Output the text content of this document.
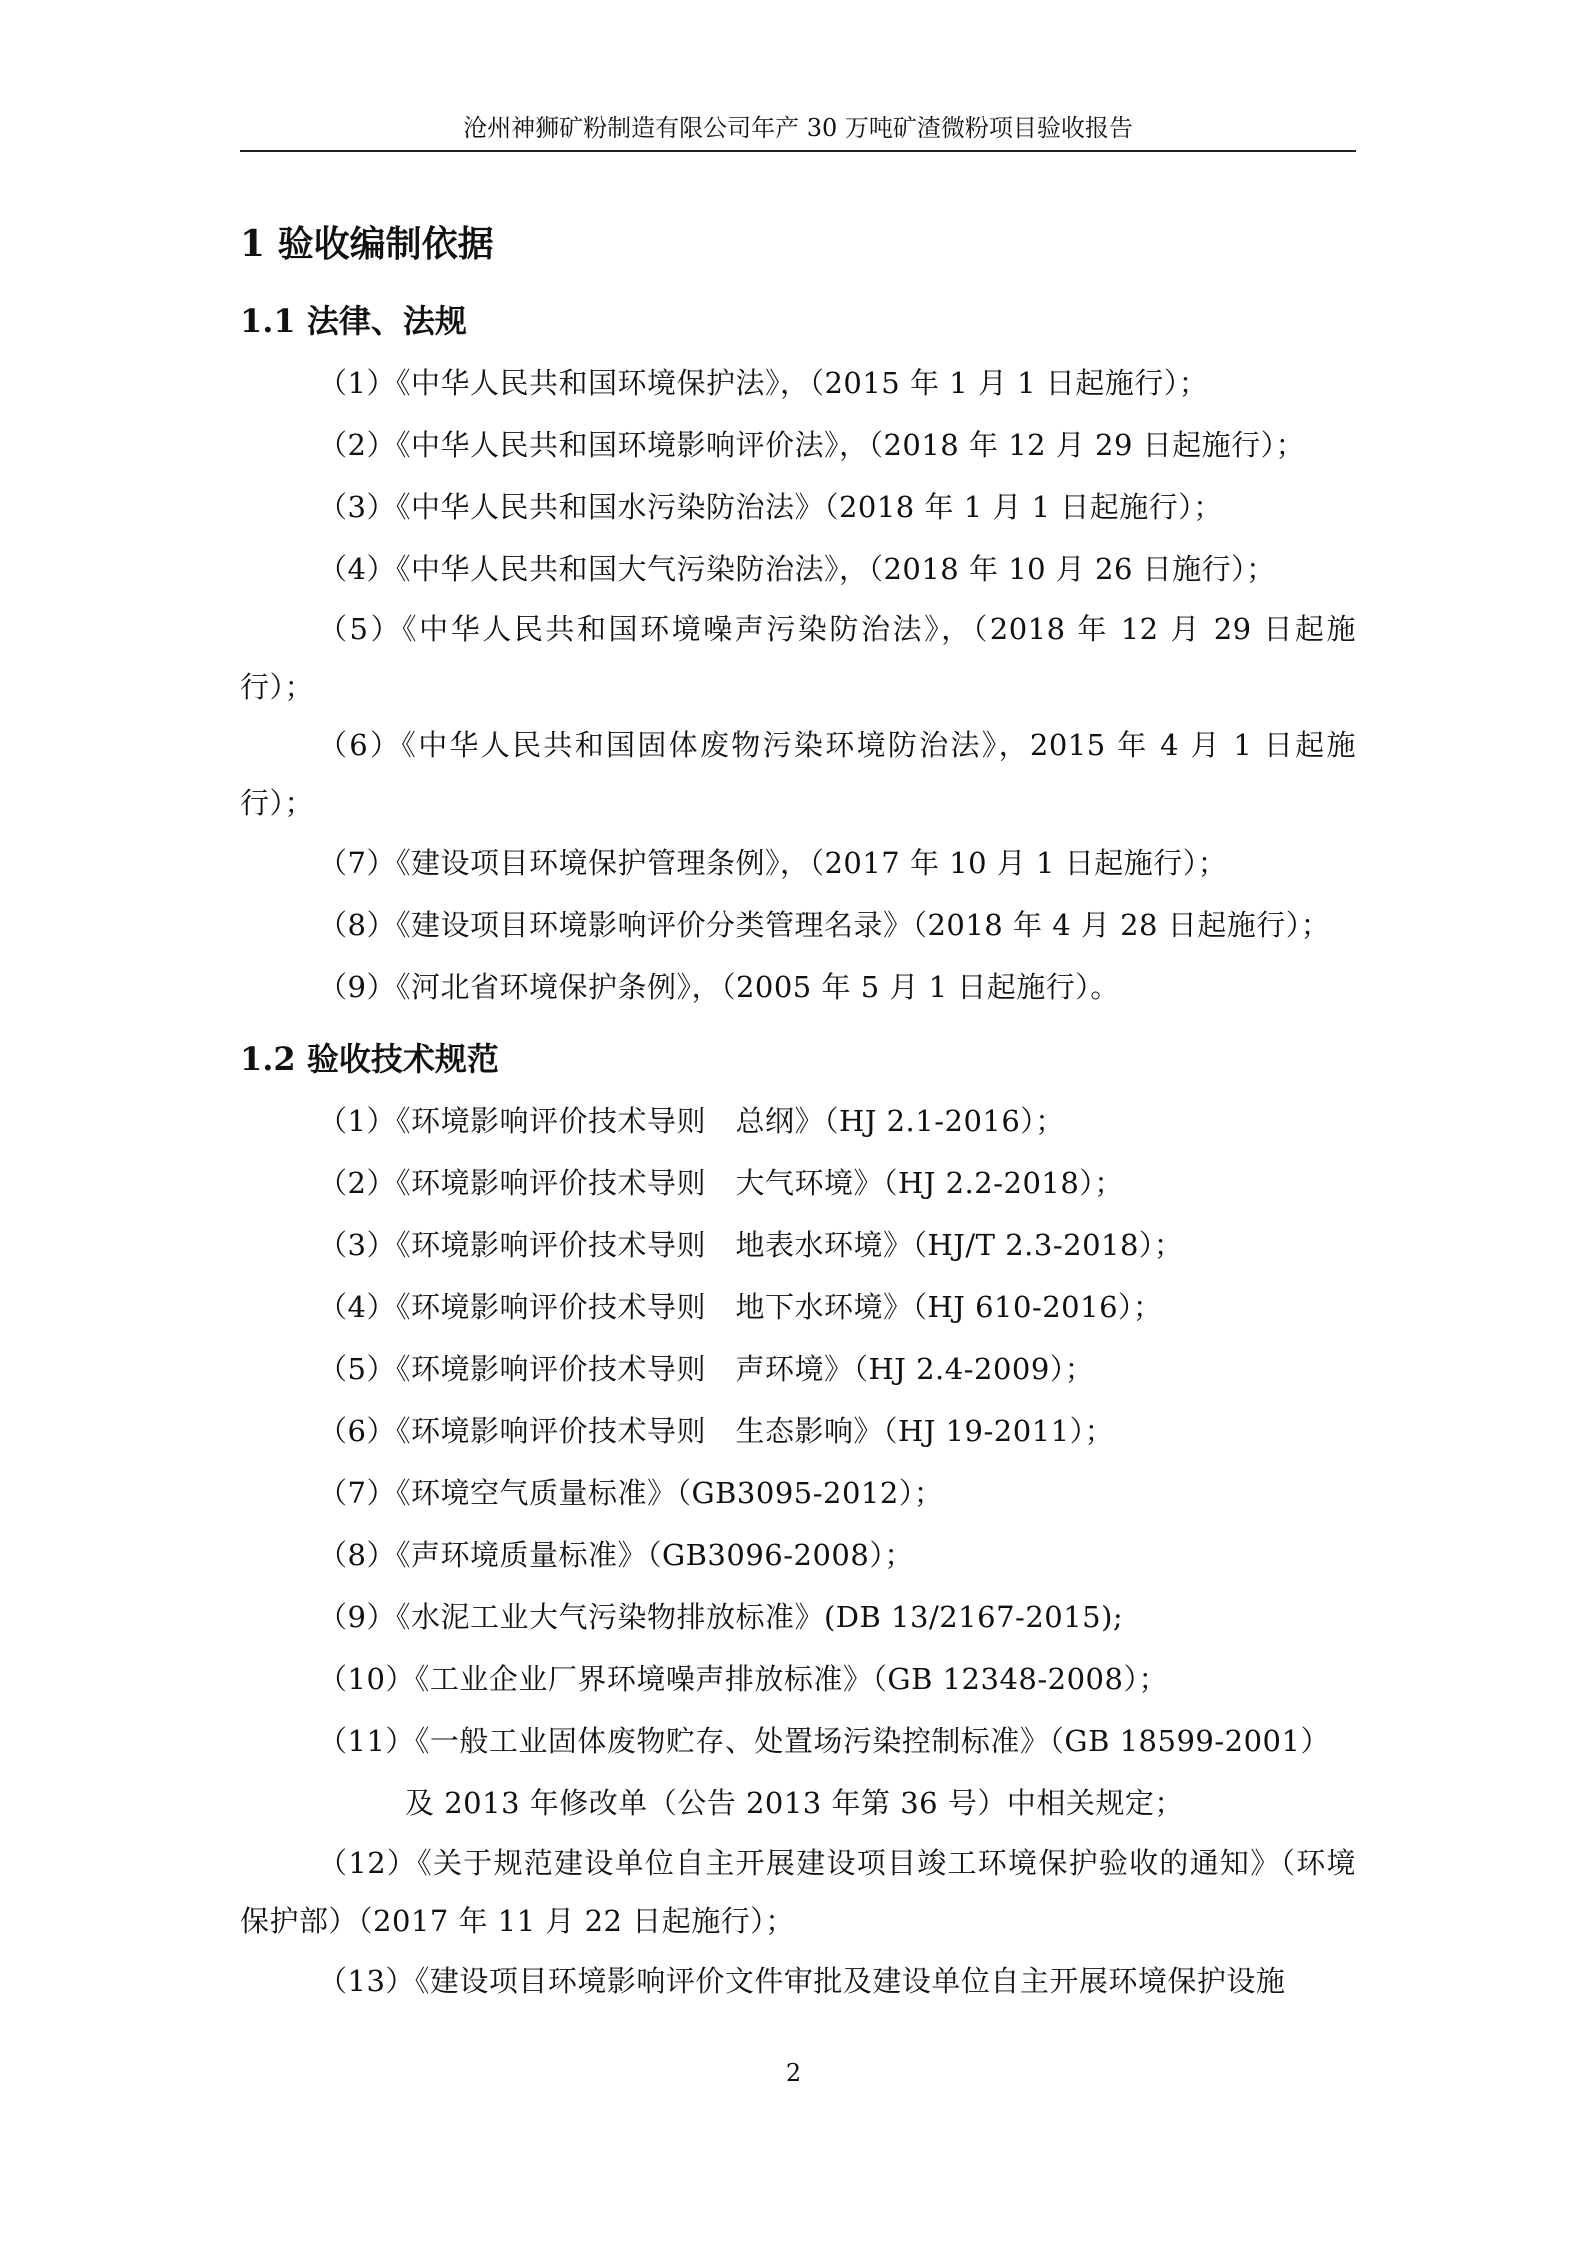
沧州神狮矿粉制造有限公司年产 30 万吨矿渣微粉项目验收报告
1 验收编制依据
1.1 法律、法规
（1）《中华人民共和国环境保护法》，（2015 年 1 月 1 日起施行）；
（2）《中华人民共和国环境影响评价法》，（2018 年 12 月 29 日起施行）；
（3）《中华人民共和国水污染防治法》（2018 年 1 月 1 日起施行）；
（4）《中华人民共和国大气污染防治法》，（2018 年 10 月 26 日施行）；
（5）《中华人民共和国环境噪声污染防治法》，（2018 年 12 月 29 日起施行）；
（6）《中华人民共和国固体废物污染环境防治法》，2015 年 4 月 1 日起施行）；
（7）《建设项目环境保护管理条例》，（2017 年 10 月 1 日起施行）；
（8）《建设项目环境影响评价分类管理名录》（2018 年 4 月 28 日起施行）；
（9）《河北省环境保护条例》，（2005 年 5 月 1 日起施行）。
1.2 验收技术规范
（1）《环境影响评价技术导则　总纲》（HJ 2.1-2016）；
（2）《环境影响评价技术导则　大气环境》（HJ 2.2-2018）；
（3）《环境影响评价技术导则　地表水环境》（HJ/T 2.3-2018）；
（4）《环境影响评价技术导则　地下水环境》（HJ 610-2016）；
（5）《环境影响评价技术导则　声环境》（HJ 2.4-2009）；
（6）《环境影响评价技术导则　生态影响》（HJ 19-2011）；
（7）《环境空气质量标准》（GB3095-2012）；
（8）《声环境质量标准》（GB3096-2008）；
（9）《水泥工业大气污染物排放标准》(DB 13/2167-2015);
（10）《工业企业厂界环境噪声排放标准》（GB 12348-2008）；
（11）《一般工业固体废物贮存、处置场污染控制标准》（GB 18599-2001）
及 2013 年修改单（公告 2013 年第 36 号）中相关规定；
（12）《关于规范建设单位自主开展建设项目竣工环境保护验收的通知》（环境保护部）（2017 年 11 月 22 日起施行）；
（13）《建设项目环境影响评价文件审批及建设单位自主开展环境保护设施
2
